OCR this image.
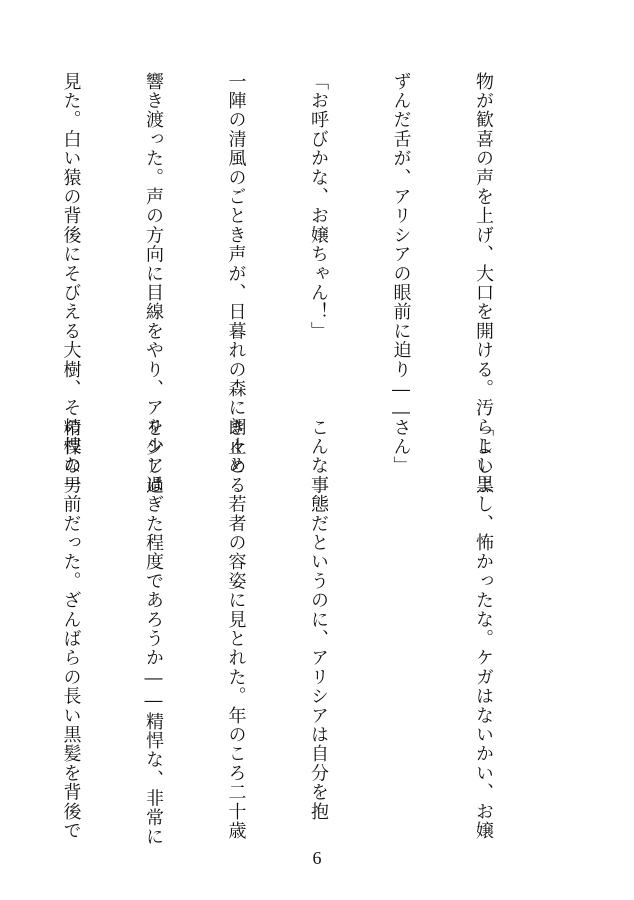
物が歓喜の声を上げ、大口を開ける。汚らしい黒

ずんだ舌が、アリシアの眼前に迫り――

「お呼びかな、お嬢ちゃん！」

一陣の清風のごとき声が、日暮れの森に朗々と

響き渡った。声の方向に目線をやり、アリシアは

見た。白い猿の背後にそびえる大樹、その枝の一

「よしよし、怖かったな。ケガはないかい、お嬢

さん」

こんな事態だというのに、アリシアは自分を抱

き止める若者の容姿に見とれた。年のころ二十歳

を少し過ぎた程度であろうか――精悍な、非常に

精悍な男前だった。ざんばらの長い黒髪を背後で

6
